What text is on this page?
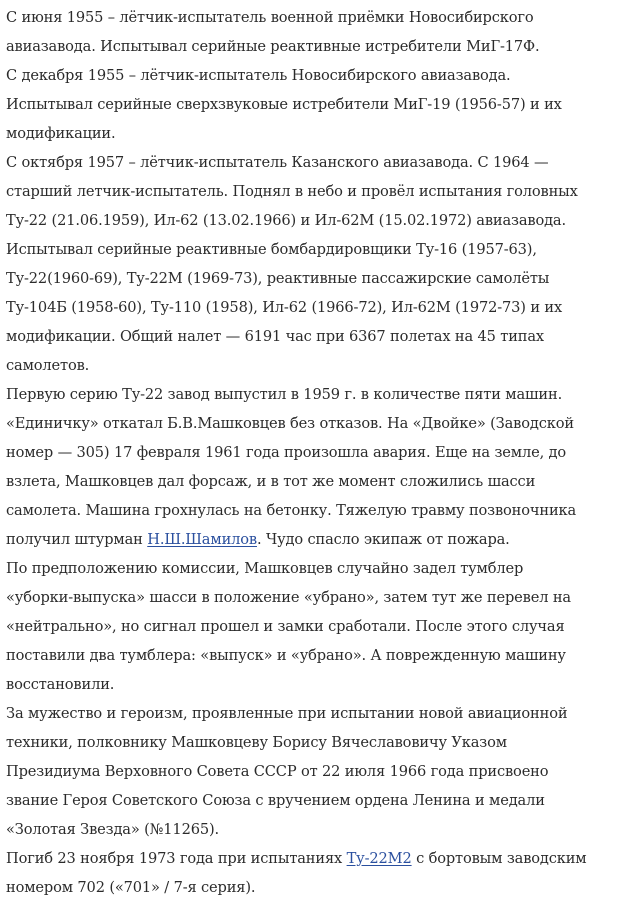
С июня 1955 – лётчик-испытатель военной приёмки Новосибирского
авиазавода. Испытывал серийные реактивные истребители МиГ-17Ф.
С декабря 1955 – лётчик-испытатель Новосибирского авиазавода.
Испытывал серийные сверхзвуковые истребители МиГ-19 (1956-57) и их
модификации.
С октября 1957 – лётчик-испытатель Казанского авиазавода. С 1964 —
старший летчик-испытатель. Поднял в небо и провёл испытания головных
Ту-22 (21.06.1959), Ил-62 (13.02.1966) и Ил-62М (15.02.1972) авиазавода.
Испытывал серийные реактивные бомбардировщики Ту-16 (1957-63),
Ту-22(1960-69), Ту-22М (1969-73), реактивные пассажирские самолёты
Ту-104Б (1958-60), Ту-110 (1958), Ил-62 (1966-72), Ил-62М (1972-73) и их
модификации. Общий налет — 6191 час при 6367 полетах на 45 типах
самолетов.
Первую серию Ту-22 завод выпустил в 1959 г. в количестве пяти машин.
«Единичку» откатал Б.В.Машковцев без отказов. На «Двойке» (Заводской
номер — 305) 17 февраля 1961 года произошла авария. Еще на земле, до
взлета, Машковцев дал форсаж, и в тот же момент сложились шасси
самолета. Машина грохнулась на бетонку. Тяжелую травму позвоночника
получил штурман Н.Ш.Шамилов. Чудо спасло экипаж от пожара.
По предположению комиссии, Машковцев случайно задел тумблер
«уборки-выпуска» шасси в положение «убрано», затем тут же перевел на
«нейтрально», но сигнал прошел и замки сработали. После этого случая
поставили два тумблера: «выпуск» и «убрано». А поврежденную машину
восстановили.
За мужество и героизм, проявленные при испытании новой авиационной
техники, полковнику Машковцеву Борису Вячеславовичу Указом
Президиума Верховного Совета СССР от 22 июля 1966 года присвоено
звание Героя Советского Союза с вручением ордена Ленина и медали
«Золотая Звезда» (№11265).
Погиб 23 ноября 1973 года при испытаниях Ту-22М2 с бортовым заводским
номером 702 («701» / 7-я серия).
